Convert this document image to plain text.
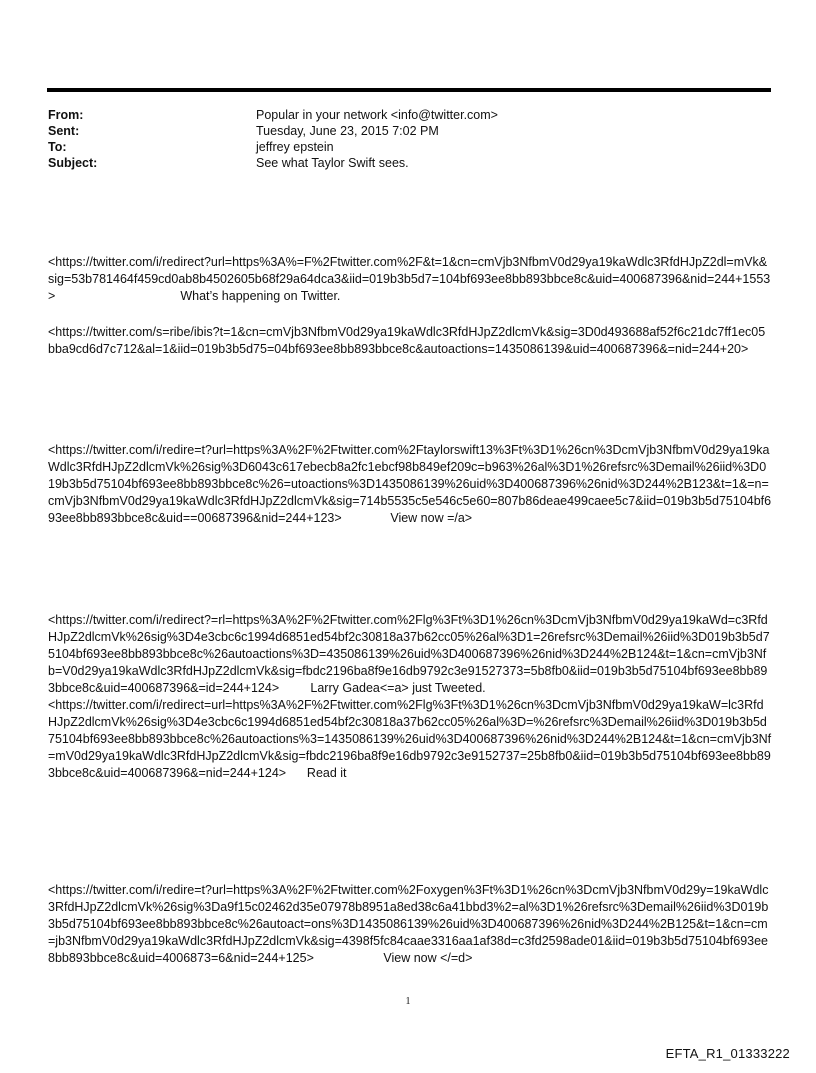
From:	Popular in your network <info@twitter.com>
Sent:	Tuesday, June 23, 2015 7:02 PM
To:	jeffrey epstein
Subject:	See what Taylor Swift sees.
<https://twitter.com/i/redirect?url=https%3A%=F%2Ftwitter.com%2F&t=1&cn=cmVjb3NfbmV0d29ya19kaWdlc3RfdHJpZ2dl=mVk&sig=53b781464f459cd0ab8b4502605b68f29a64dca3&iid=019b3b5d7=104bf693ee8bb893bbce8c&uid=400687396&nid=244+1553>	What’s happening on Twitter.
<https://twitter.com/s=ribe/ibis?t=1&cn=cmVjb3NfbmV0d29ya19kaWdlc3RfdHJpZ2dlcmVk&sig=3D0d493688af52f6c21dc7ff1ec05bba9cd6d7c712&al=1&iid=019b3b5d75=04bf693ee8bb893bbce8c&autoactions=1435086139&uid=400687396&=nid=244+20>
<https://twitter.com/i/redire=t?url=https%3A%2F%2Ftwitter.com%2Ftaylorswift13%3Ft%3D1%26cn%3DcmVjb3NfbmV0d29ya19kaWdlc3RfdHJpZ2dlcmVk%26sig%3D6043c617ebecb8a2fc1ebcf98b849ef209c=b963%26al%3D1%26refsrc%3Demail%26iid%3D019b3b5d75104bf693ee8bb893bbce8c%26=utoactions%3D1435086139%26uid%3D400687396%26nid%3D244%2B123&t=1&=n=cmVjb3NfbmV0d29ya19kaWdlc3RfdHJpZ2dlcmVk&sig=714b5535c5e546c5e60=807b86deae499caee5c7&iid=019b3b5d75104bf693ee8bb893bbce8c&uid==00687396&nid=244+123>	View now =/a>
<https://twitter.com/i/redirect?=rl=https%3A%2F%2Ftwitter.com%2Flg%3Ft%3D1%26cn%3DcmVjb3NfbmV0d29ya19kaWd=c3RfdHJpZ2dlcmVk%26sig%3D4e3cbc6c1994d6851ed54bf2c30818a37b62cc05%26al%3D1=26refsrc%3Demail%26iid%3D019b3b5d75104bf693ee8bb893bbce8c%26autoactions%3D=435086139%26uid%3D400687396%26nid%3D244%2B124&t=1&cn=cmVjb3Nfb=V0d29ya19kaWdlc3RfdHJpZ2dlcmVk&sig=fbdc2196ba8f9e16db9792c3e91527373=5b8fb0&iid=019b3b5d75104bf693ee8bb893bbce8c&uid=400687396&=id=244+124>	Larry Gadea<=a> just Tweeted.
<https://twitter.com/i/redirect=url=https%3A%2F%2Ftwitter.com%2Flg%3Ft%3D1%26cn%3DcmVjb3NfbmV0d29ya19kaW=lc3RfdHJpZ2dlcmVk%26sig%3D4e3cbc6c1994d6851ed54bf2c30818a37b62cc05%26al%3D=%26refsrc%3Demail%26iid%3D019b3b5d75104bf693ee8bb893bbce8c%26autoactions%3=1435086139%26uid%3D400687396%26nid%3D244%2B124&t=1&cn=cmVjb3Nf=mV0d29ya19kaWdlc3RfdHJpZ2dlcmVk&sig=fbdc2196ba8f9e16db9792c3e9152737=25b8fb0&iid=019b3b5d75104bf693ee8bb893bbce8c&uid=400687396&=nid=244+124> Read it
<https://twitter.com/i/redire=t?url=https%3A%2F%2Ftwitter.com%2Foxygen%3Ft%3D1%26cn%3DcmVjb3NfbmV0d29y=19kaWdlc3RfdHJpZ2dlcmVk%26sig%3Da9f15c02462d35e07978b8951a8ed38c6a41bbd3%2=al%3D1%26refsrc%3Demail%26iid%3D019b3b5d75104bf693ee8bb893bbce8c%26autoact=ons%3D1435086139%26uid%3D400687396%26nid%3D244%2B125&t=1&cn=cm=jb3NfbmV0d29ya19kaWdlc3RfdHJpZ2dlcmVk&sig=4398f5fc84caae3316aa1af38d=c3fd2598ade01&iid=019b3b5d75104bf693ee8bb893bbce8c&uid=4006873=6&nid=244+125>	View now </=d>
1
EFTA_R1_01333222
